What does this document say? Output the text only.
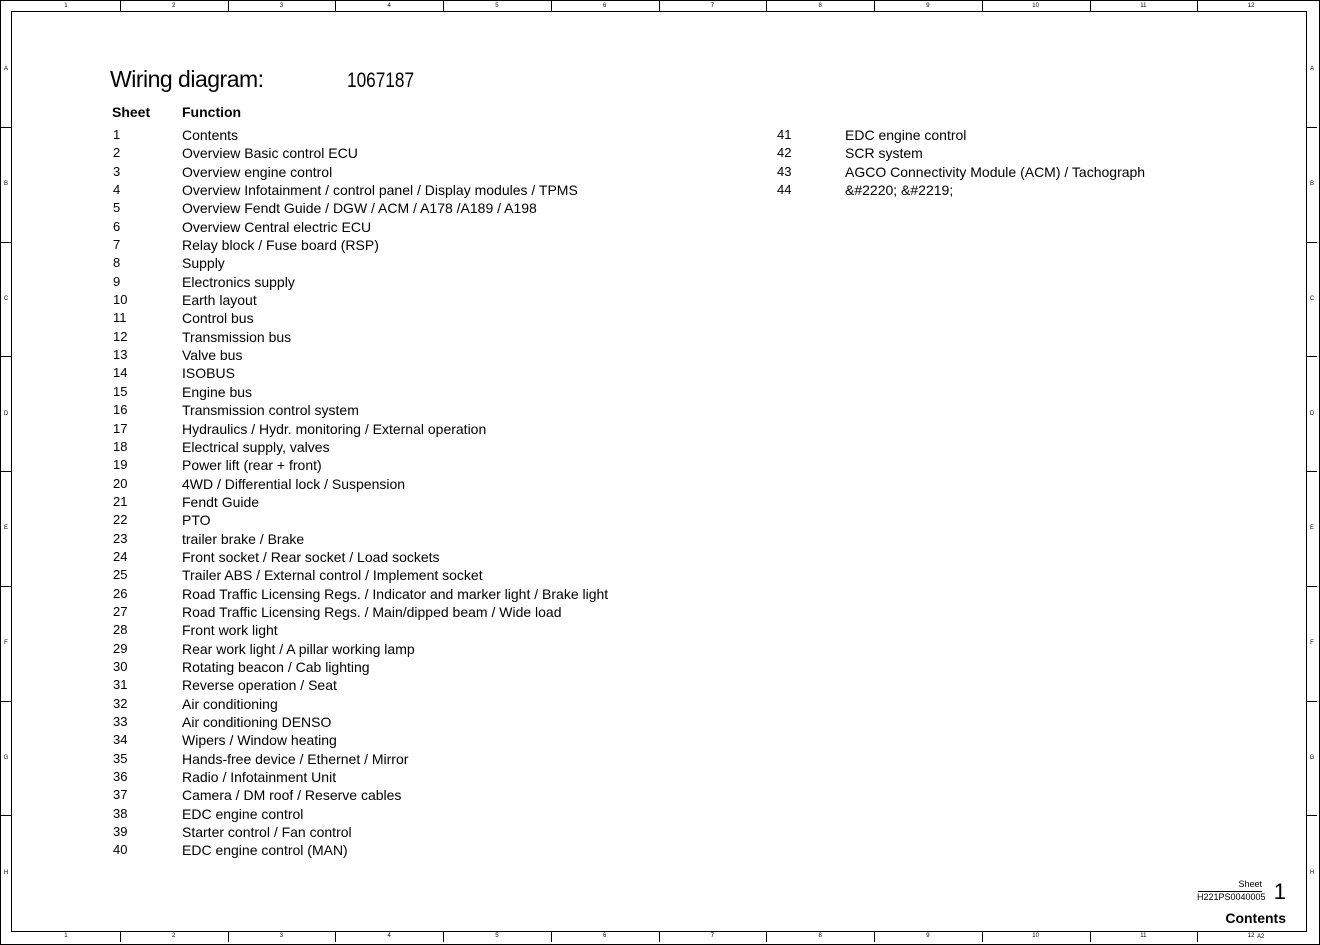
1
1
2
2
3
3
4
4
5
5
6
6
7
7
8
8
9
9
10
10
11
11
12
12
A	A
B	B
C	C
D	D
E	E
F	F
G	G
H	H
Wiring diagram:	1067187
Sheet Function
1	Contents
2	Overview Basic control ECU
3	Overview engine control
4	Overview Infotainment / control panel / Display modules / TPMS
5	Overview Fendt Guide / DGW / ACM / A178 /A189 / A198
6	Overview Central electric ECU
7	Relay block / Fuse board (RSP)
8	Supply
9	Electronics supply
10	Earth layout
11	Control bus
12	Transmission bus
13	Valve bus
14	ISOBUS
15	Engine bus
16	Transmission control system
17	Hydraulics / Hydr. monitoring / External operation
18	Electrical supply, valves
19	Power lift (rear + front)
20	4WD / Differential lock / Suspension
21	Fendt Guide
22	PTO
23	trailer brake / Brake
24	Front socket / Rear socket / Load sockets
25	Trailer ABS / External control / Implement socket
26	Road Traffic Licensing Regs. / Indicator and marker light / Brake light
27	Road Traffic Licensing Regs. / Main/dipped beam / Wide load
28	Front work light
29	Rear work light / A pillar working lamp
30	Rotating beacon / Cab lighting
31	Reverse operation / Seat
32	Air conditioning
33	Air conditioning DENSO
34	Wipers / Window heating
35	Hands-free device / Ethernet / Mirror
36	Radio / Infotainment Unit
37	Camera / DM roof / Reserve cables
38	EDC engine control
39	Starter control / Fan control
40	EDC engine control (MAN)
41	EDC engine control
42	SCR system
43	AGCO Connectivity Module (ACM) / Tachograph
44	&#2220; &#2219;
Sheet
H221PS0040005 1
Contents
A2
